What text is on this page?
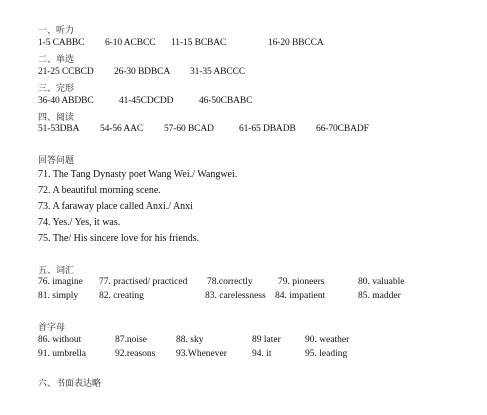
一、听力
1-5 CABBC 6-10 ACBCC 11-15 BCBAC	16-20 BBCCA
二、单选
21-25 CCBCD 26-30 BDBCA 31-35 ABCCC
三、完形
36-40 ABDBC	41-45CDCDD	46-50CBABC
四、阅读
51-53DBA 54-56 AAC 57-60 BCAD	61-65 DBADB 66-70CBADF
回答问题
71. The Tang Dynasty poet Wang Wei./ Wangwei.
72. A beautiful morning scene.
73. A faraway place called Anxi./ Anxi
74. Yes./ Yes, it was.
75. The/ His sincere love for his friends.
五、词汇
76. imagine 77. practised/ practiced 78.correctly	79. pioneers	80. valuable
81. simply 82. creating	83. carelessness 84. impatient	85. madder
首字母
86. without	87.noise	88. sky	89 later	90. weather
91. umbrella	92.reasons 93.Whenever	94. it	95. leading
六、书面表达略
